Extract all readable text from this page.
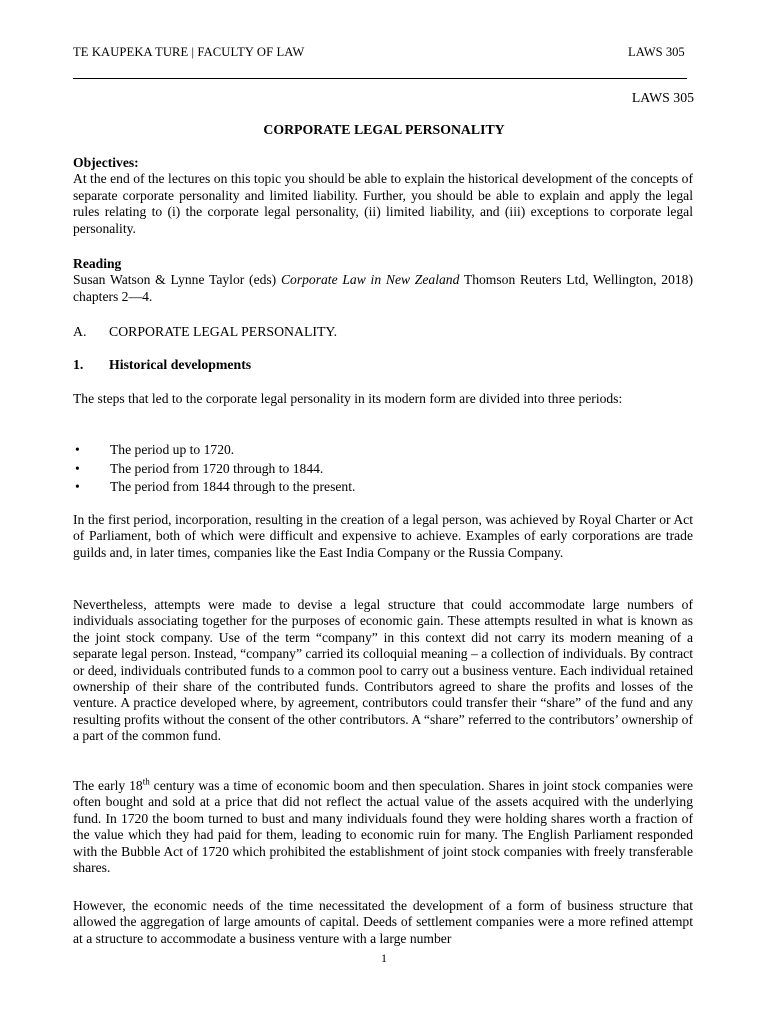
TE KAUPEKA TURE | FACULTY OF LAW	LAWS 305
LAWS 305
CORPORATE LEGAL PERSONALITY
Objectives:
At the end of the lectures on this topic you should be able to explain the historical development of the concepts of separate corporate personality and limited liability. Further, you should be able to explain and apply the legal rules relating to (i) the corporate legal personality, (ii) limited liability, and (iii) exceptions to corporate legal personality.
Reading
Susan Watson & Lynne Taylor (eds) Corporate Law in New Zealand Thomson Reuters Ltd, Wellington, 2018) chapters 2—4.
A. CORPORATE LEGAL PERSONALITY.
1. Historical developments
The steps that led to the corporate legal personality in its modern form are divided into three periods:
• The period up to 1720.
• The period from 1720 through to 1844.
• The period from 1844 through to the present.
In the first period, incorporation, resulting in the creation of a legal person, was achieved by Royal Charter or Act of Parliament, both of which were difficult and expensive to achieve. Examples of early corporations are trade guilds and, in later times, companies like the East India Company or the Russia Company.
Nevertheless, attempts were made to devise a legal structure that could accommodate large numbers of individuals associating together for the purposes of economic gain. These attempts resulted in what is known as the joint stock company. Use of the term “company” in this context did not carry its modern meaning of a separate legal person. Instead, “company” carried its colloquial meaning – a collection of individuals. By contract or deed, individuals contributed funds to a common pool to carry out a business venture. Each individual retained ownership of their share of the contributed funds. Contributors agreed to share the profits and losses of the venture. A practice developed where, by agreement, contributors could transfer their “share” of the fund and any resulting profits without the consent of the other contributors. A “share” referred to the contributors’ ownership of a part of the common fund.
The early 18th century was a time of economic boom and then speculation. Shares in joint stock companies were often bought and sold at a price that did not reflect the actual value of the assets acquired with the underlying fund. In 1720 the boom turned to bust and many individuals found they were holding shares worth a fraction of the value which they had paid for them, leading to economic ruin for many. The English Parliament responded with the Bubble Act of 1720 which prohibited the establishment of joint stock companies with freely transferable shares.
However, the economic needs of the time necessitated the development of a form of business structure that allowed the aggregation of large amounts of capital. Deeds of settlement companies were a more refined attempt at a structure to accommodate a business venture with a large number
1
